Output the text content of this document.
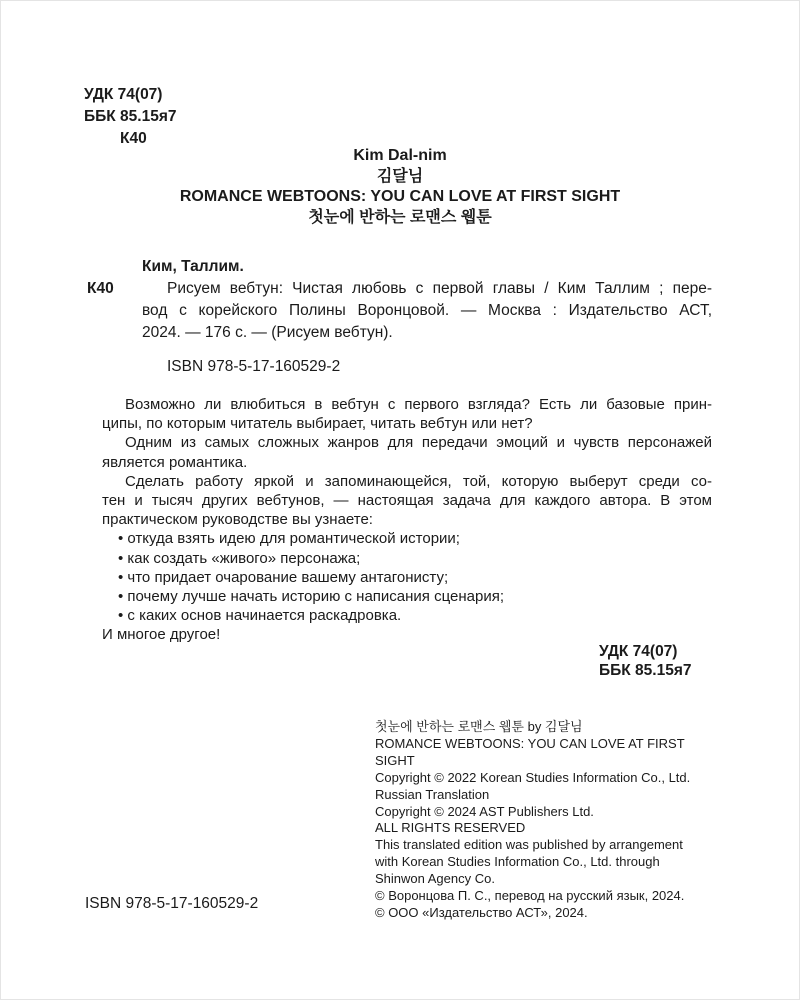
УДК 74(07)
ББК 85.15я7
К40
Kim Dal-nim
김달님
ROMANCE WEBTOONS: YOU CAN LOVE AT FIRST SIGHT
첫눈에 반하는 로맨스 웹툰
Ким, Таллим.
К40	Рисуем вебтун: Чистая любовь с первой главы / Ким Таллим ; пере-
вод с корейского Полины Воронцовой. — Москва : Издательство АСТ,
2024. — 176 с. — (Рисуем вебтун).
ISBN 978-5-17-160529-2
Возможно ли влюбиться в вебтун с первого взгляда? Есть ли базовые прин-
ципы, по которым читатель выбирает, читать вебтун или нет?
Одним из самых сложных жанров для передачи эмоций и чувств персонажей
является романтика.
Сделать работу яркой и запоминающейся, той, которую выберут среди со-
тен и тысяч других вебтунов, — настоящая задача для каждого автора. В этом
практическом руководстве вы узнаете:
• откуда взять идею для романтической истории;
• как создать «живого» персонажа;
• что придает очарование вашему антагонисту;
• почему лучше начать историю с написания сценария;
• с каких основ начинается раскадровка.
И многое другое!
УДК 74(07)
ББК 85.15я7
첫눈에 반하는 로맨스 웹툰 by 김달님
ROMANCE WEBTOONS: YOU CAN LOVE AT FIRST
SIGHT
Copyright © 2022 Korean Studies Information Co., Ltd.
Russian Translation
Copyright © 2024 AST Publishers Ltd.
ALL RIGHTS RESERVED
This translated edition was published by arrangement
with Korean Studies Information Co., Ltd. through
Shinwon Agency Co.
© Воронцова П. С., перевод на русский язык, 2024.
© ООО «Издательство АСТ», 2024.
ISBN 978-5-17-160529-2
